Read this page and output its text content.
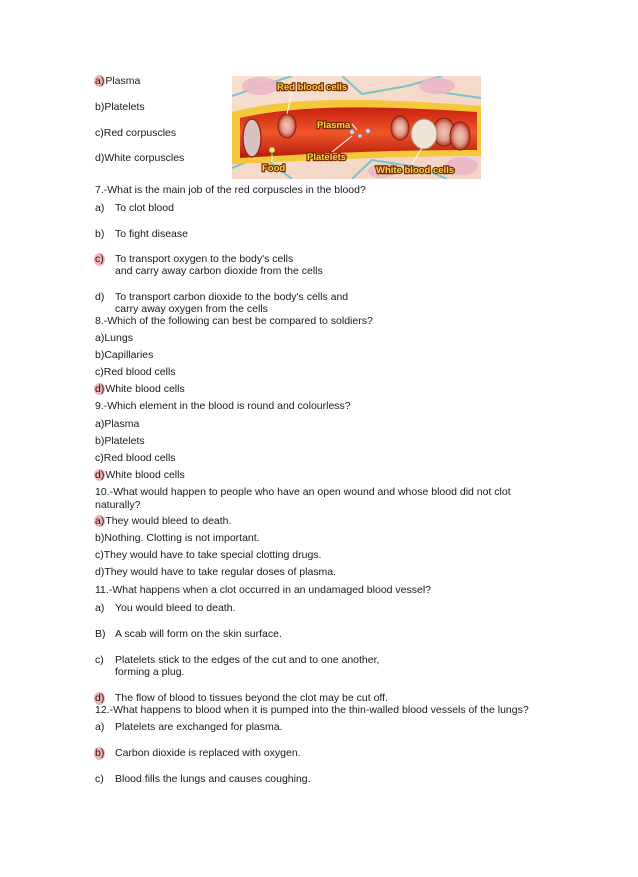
a)Plasma
b)Platelets
c)Red corpuscles
d)White corpuscles
Red blood cells
Plasma
Platelets
Food	White blood cells
7.-What is the main job of the red corpuscles in the blood?
a) To clot blood
b) To fight disease
c) To transport oxygen to the body's cells
and carry away carbon dioxide from the cells
d) To transport carbon dioxide to the body's cells and
carry away oxygen from the cells
8.-Which of the following can best be compared to soldiers?
a)Lungs
b)Capillaries
c)Red blood cells
d)White blood cells
9.-Which element in the blood is round and colourless?
a)Plasma
b)Platelets
c)Red blood cells
d)White blood cells
10.-What would happen to people who have an open wound and whose blood did not clot naturally?
a)They would bleed to death.
b)Nothing. Clotting is not important.
c)They would have to take special clotting drugs.
d)They would have to take regular doses of plasma.
11.-What happens when a clot occurred in an undamaged blood vessel?
a) You would bleed to death.
B) A scab will form on the skin surface.
c) Platelets stick to the edges of the cut and to one another,
forming a plug.
d) The flow of blood to tissues beyond the clot may be cut off.
12.-What happens to blood when it is pumped into the thin-walled blood vessels of the lungs?
a) Platelets are exchanged for plasma.
b) Carbon dioxide is replaced with oxygen.
c) Blood fills the lungs and causes coughing.
